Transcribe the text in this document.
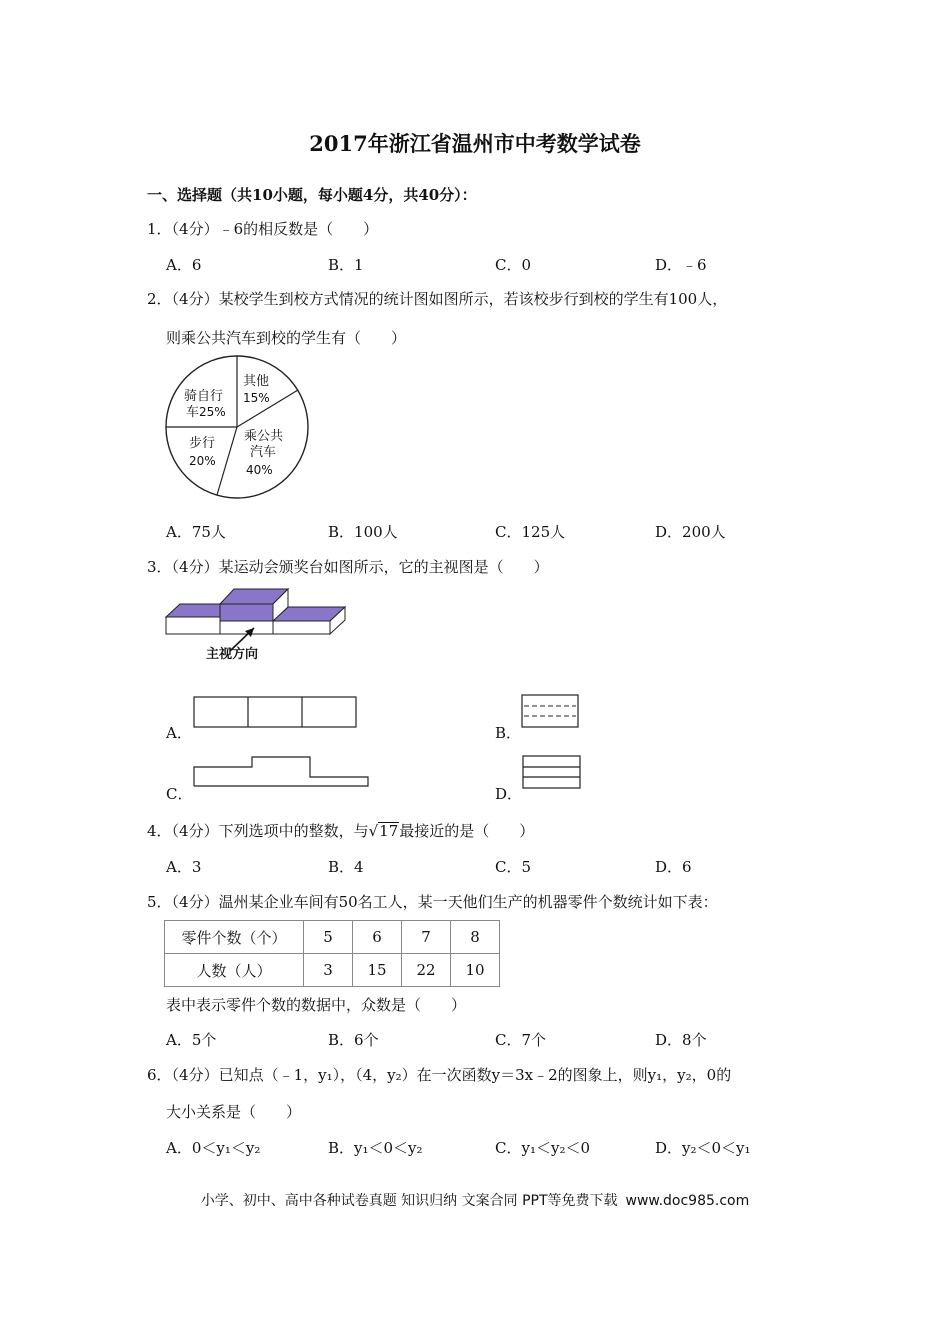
2017年浙江省温州市中考数学试卷
一、选择题（共10小题，每小题4分，共40分）：
1．（4分）﹣6的相反数是（　　）
A．6	B．1	C．0	D．﹣6
2．（4分）某校学生到校方式情况的统计图如图所示，若该校步行到校的学生有100人，
则乘公共汽车到校的学生有（　　）
其他
15%
骑自行
车25%
步行
20%
乘公共
汽车
40%
A．75人	B．100人	C．125人	D．200人
3．（4分）某运动会颁奖台如图所示，它的主视图是（　　）
主视方向
A．	B．
C．	D．
4．（4分）下列选项中的整数，与√17最接近的是（　　）
A．3	B．4	C．5	D．6
5．（4分）温州某企业车间有50名工人，某一天他们生产的机器零件个数统计如下表：
零件个数（个）	5	6	7	8
人数（人）	3	15	22	10
表中表示零件个数的数据中，众数是（　　）
A．5个	B．6个	C．7个	D．8个
6．（4分）已知点（﹣1，y₁），（4，y₂）在一次函数y＝3x﹣2的图象上，则y₁，y₂，0的
大小关系是（　　）
A．0＜y₁＜y₂	B．y₁＜0＜y₂	C．y₁＜y₂＜0	D．y₂＜0＜y₁
小学、初中、高中各种试卷真题 知识归纳 文案合同 PPT等免费下载 www.doc985.com
